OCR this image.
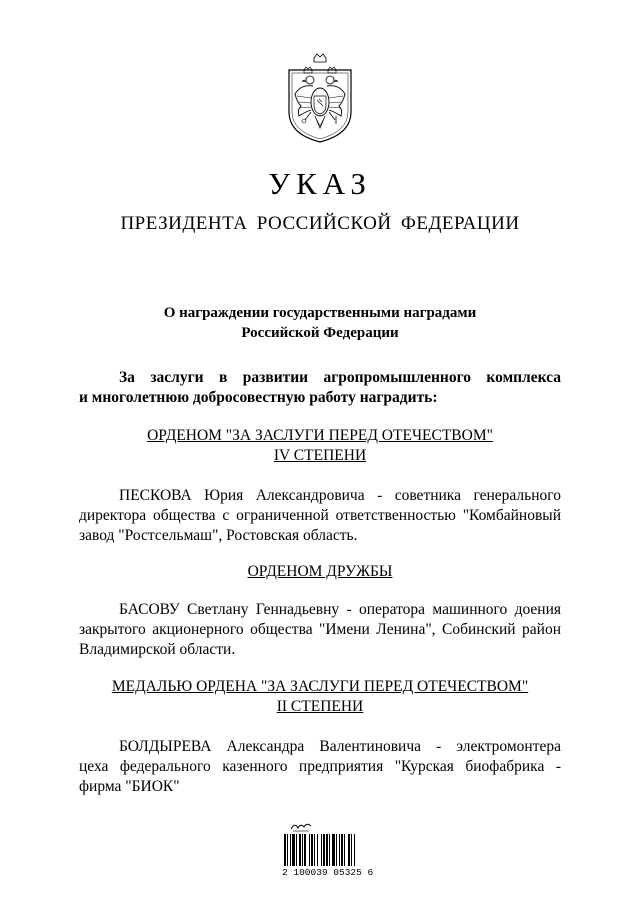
УКАЗ
ПРЕЗИДЕНТА РОССИЙСКОЙ ФЕДЕРАЦИИ
О награждении государственными наградами
Российской Федерации
За заслуги в развитии агропромышленного комплекса
и многолетнюю добросовестную работу наградить:
ОРДЕНОМ "ЗА ЗАСЛУГИ ПЕРЕД ОТЕЧЕСТВОМ"
IV СТЕПЕНИ
ПЕСКОВА Юрия Александровича - советника генерального
директора общества с ограниченной ответственностью "Комбайновый
завод "Ростсельмаш", Ростовская область.
ОРДЕНОМ ДРУЖБЫ
БАСОВУ Светлану Геннадьевну - оператора машинного доения
закрытого акционерного общества "Имени Ленина", Собинский район
Владимирской области.
МЕДАЛЬЮ ОРДЕНА "ЗА ЗАСЛУГИ ПЕРЕД ОТЕЧЕСТВОМ"
II СТЕПЕНИ
БОЛДЫРЕВА Александра Валентиновича - электромонтера
цеха федерального казенного предприятия "Курская биофабрика -
фирма "БИОК"
2 100039 05325 6
